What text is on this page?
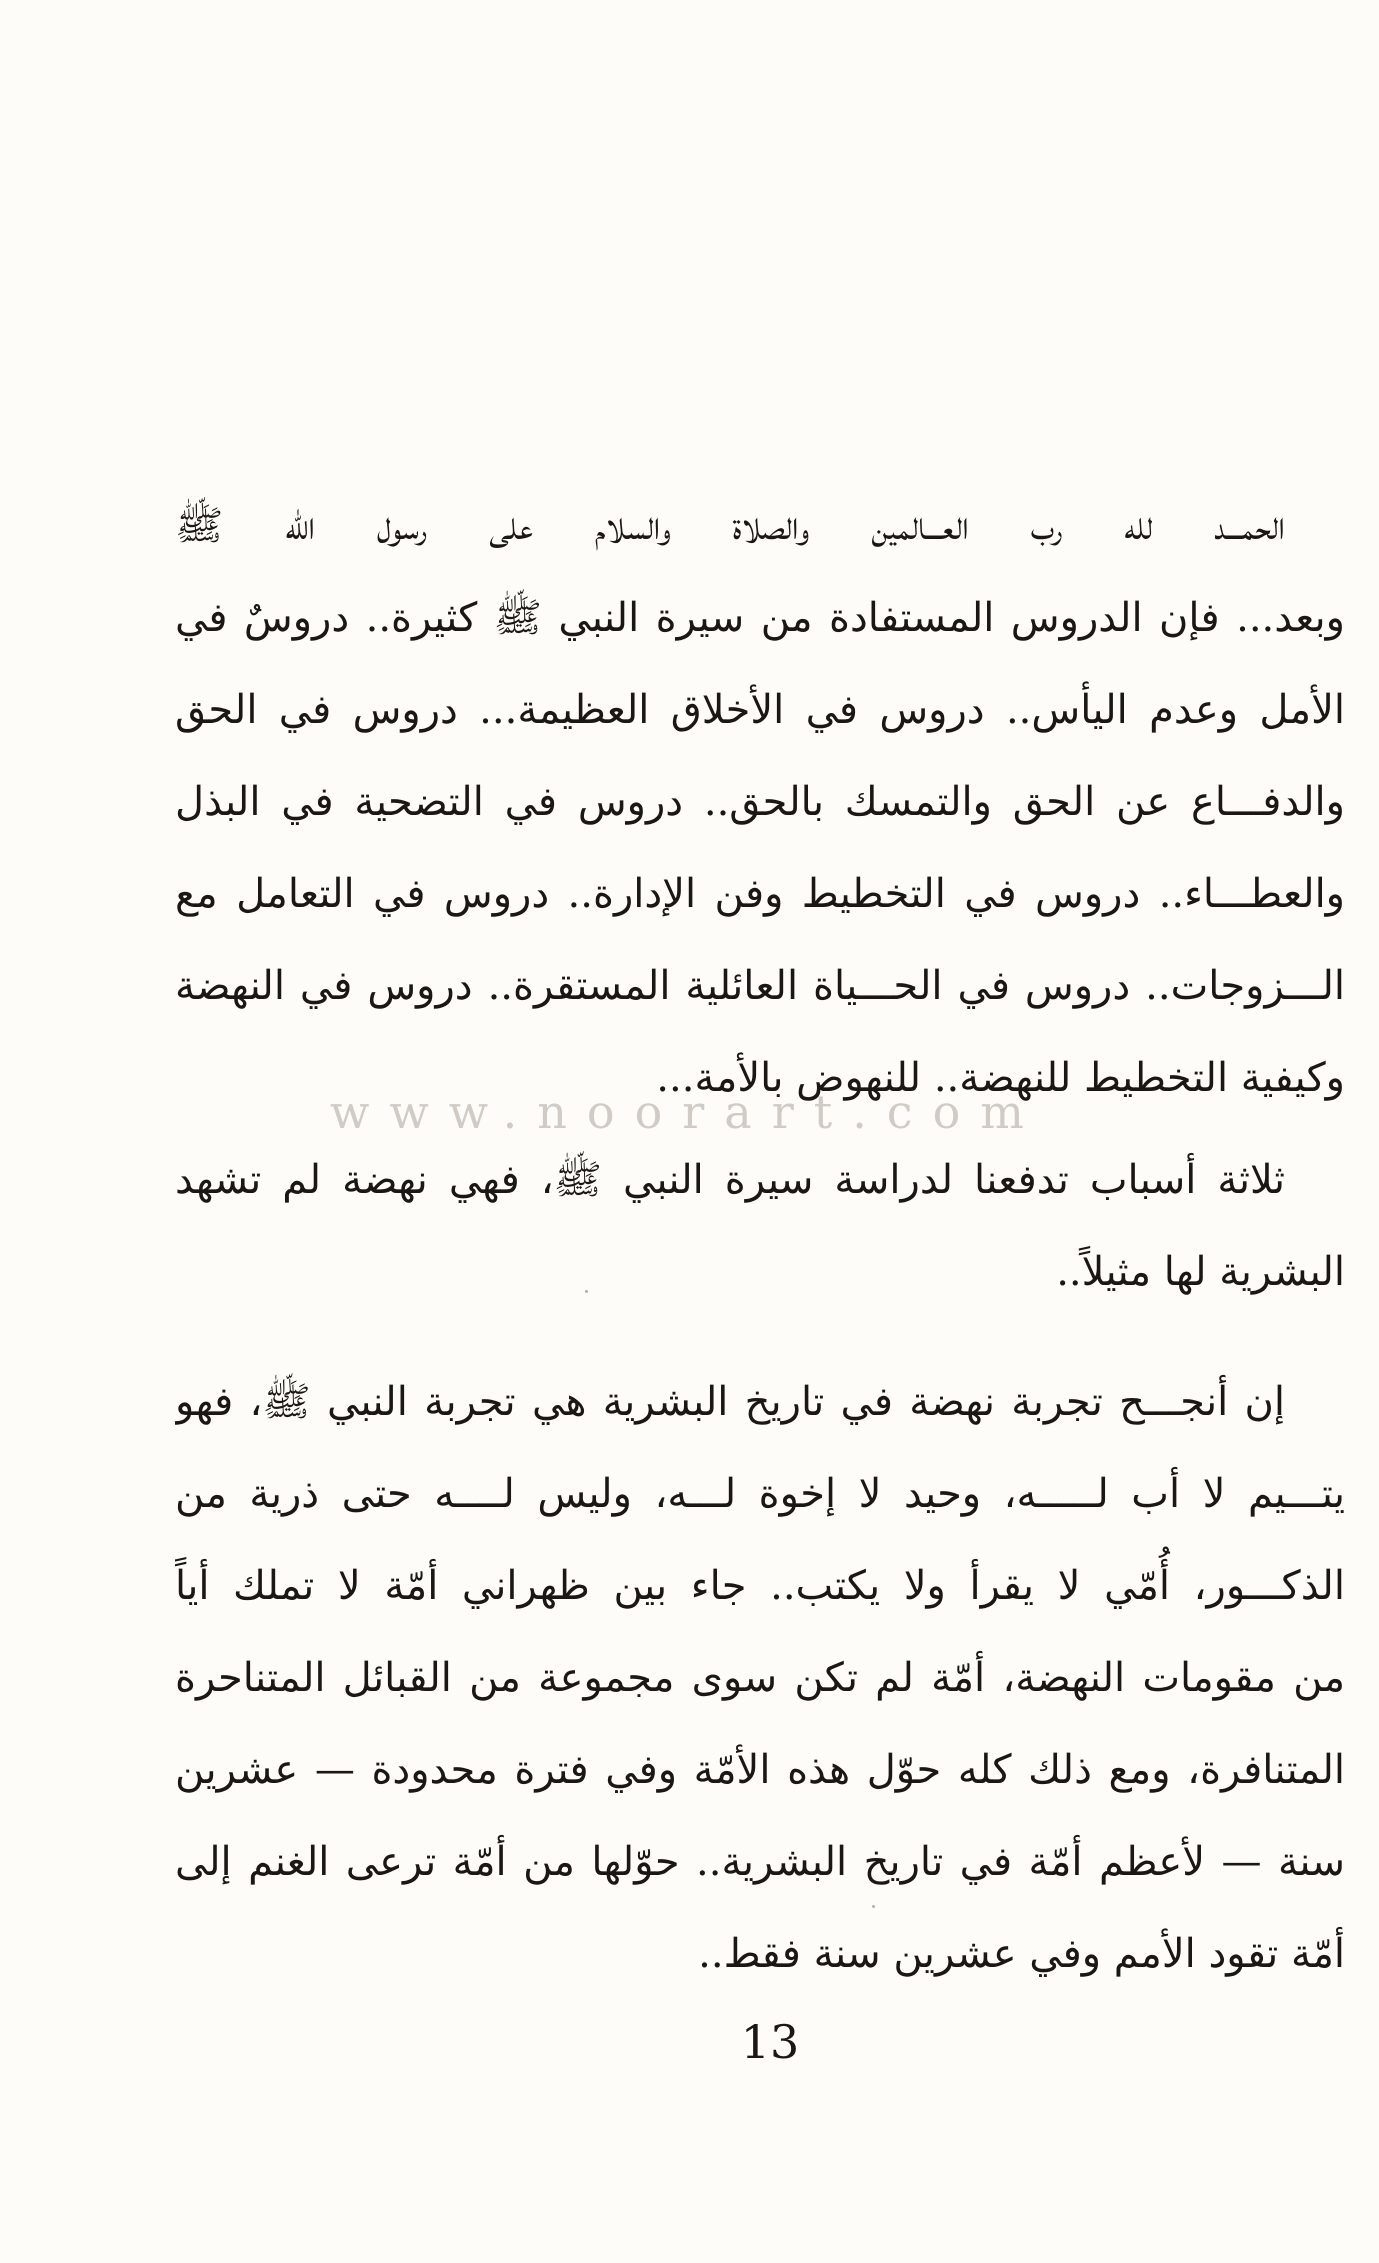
الحمـــد لله رب العـــالمين والصلاة والسلام على رسول الله ﷺ
وبعد... فإن الدروس المستفادة من سيرة النبي ﷺ كثيرة.. دروسٌ في
الأمل وعدم اليأس.. دروس في الأخلاق العظيمة... دروس في الحق
والدفـــاع عن الحق والتمسك بالحق.. دروس في التضحية في البذل
والعطـــاء.. دروس في التخطيط وفن الإدارة.. دروس في التعامل مع
الـــزوجات.. دروس في الحـــياة العائلية المستقرة.. دروس في النهضة
وكيفية التخطيط للنهضة.. للنهوض بالأمة...
ثلاثة أسباب تدفعنا لدراسة سيرة النبي ﷺ، فهي نهضة لم تشهد
البشرية لها مثيلاً..
إن أنجـــح تجربة نهضة في تاريخ البشرية هي تجربة النبي ﷺ، فهو
يتـــيم لا أب لـــــه، وحيد لا إخوة لـــه، وليس لــــه حتى ذرية من
الذكـــور، أُمّي لا يقرأ ولا يكتب.. جاء بين ظهراني أمّة لا تملك أياً
من مقومات النهضة، أمّة لم تكن سوى مجموعة من القبائل المتناحرة
المتنافرة، ومع ذلك كله حوّل هذه الأمّة وفي فترة محدودة — عشرين
سنة — لأعظم أمّة في تاريخ البشرية.. حوّلها من أمّة ترعى الغنم إلى
أمّة تقود الأمم وفي عشرين سنة فقط..
www.noorart.com
13
